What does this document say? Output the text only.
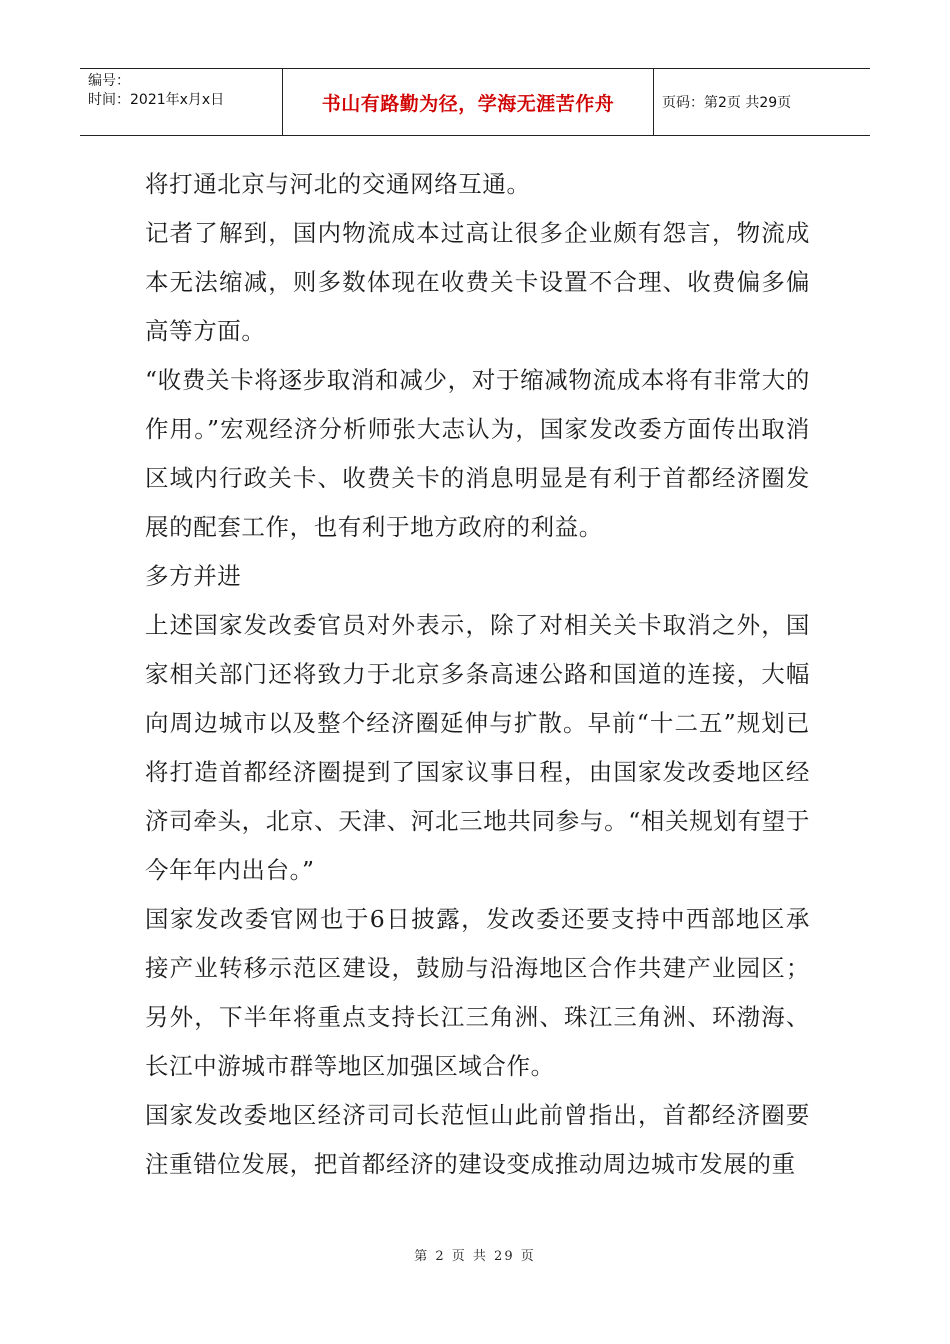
编号：
时间：2021年x月x日	书山有路勤为径，学海无涯苦作舟	页码：第2页 共29页

将打通北京与河北的交通网络互通。

记者了解到，国内物流成本过高让很多企业颇有怨言，物流成本无法缩减，则多数体现在收费关卡设置不合理、收费偏多偏高等方面。

“收费关卡将逐步取消和减少，对于缩减物流成本将有非常大的作用。”宏观经济分析师张大志认为，国家发改委方面传出取消区域内行政关卡、收费关卡的消息明显是有利于首都经济圈发展的配套工作，也有利于地方政府的利益。

多方并进

上述国家发改委官员对外表示，除了对相关关卡取消之外，国家相关部门还将致力于北京多条高速公路和国道的连接，大幅向周边城市以及整个经济圈延伸与扩散。早前“十二五”规划已将打造首都经济圈提到了国家议事日程，由国家发改委地区经济司牵头，北京、天津、河北三地共同参与。“相关规划有望于今年年内出台。”

国家发改委官网也于6日披露，发改委还要支持中西部地区承接产业转移示范区建设，鼓励与沿海地区合作共建产业园区；另外，下半年将重点支持长江三角洲、珠江三角洲、环渤海、长江中游城市群等地区加强区域合作。

国家发改委地区经济司司长范恒山此前曾指出，首都经济圈要注重错位发展，把首都经济的建设变成推动周边城市发展的重

第 2 页 共 29 页
